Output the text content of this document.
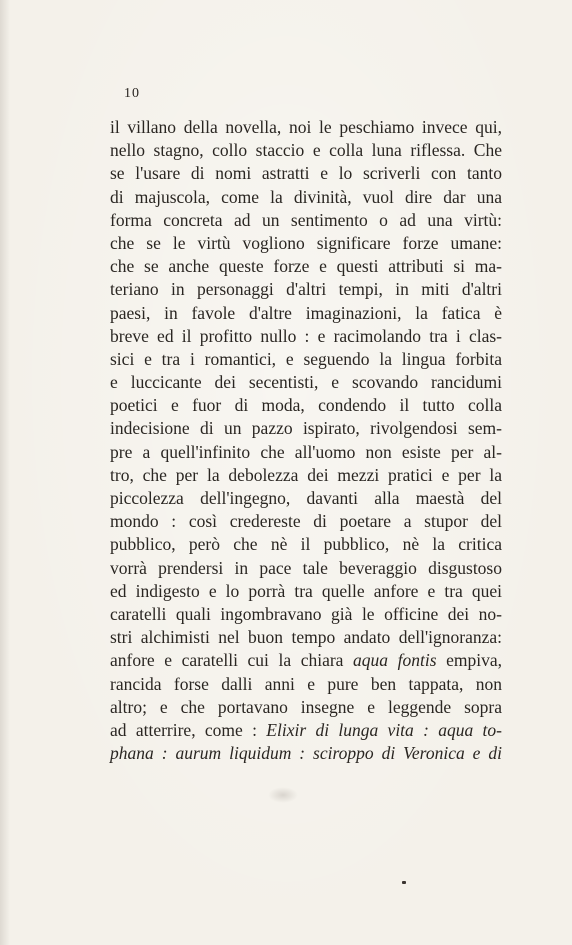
10
il villano della novella, noi le peschiamo invece qui,
nello stagno, collo staccio e colla luna riflessa. Che
se l'usare di nomi astratti e lo scriverli con tanto
di majuscola, come la divinità, vuol dire dar una
forma concreta ad un sentimento o ad una virtù:
che se le virtù vogliono significare forze umane:
che se anche queste forze e questi attributi si ma-
teriano in personaggi d'altri tempi, in miti d'altri
paesi, in favole d'altre imaginazioni, la fatica è
breve ed il profitto nullo : e racimolando tra i clas-
sici e tra i romantici, e seguendo la lingua forbita
e luccicante dei secentisti, e scovando rancidumi
poetici e fuor di moda, condendo il tutto colla
indecisione di un pazzo ispirato, rivolgendosi sem-
pre a quell'infinito che all'uomo non esiste per al-
tro, che per la debolezza dei mezzi pratici e per la
piccolezza dell'ingegno, davanti alla maestà del
mondo : così credereste di poetare a stupor del
pubblico, però che nè il pubblico, nè la critica
vorrà prendersi in pace tale beveraggio disgustoso
ed indigesto e lo porrà tra quelle anfore e tra quei
caratelli quali ingombravano già le officine dei no-
stri alchimisti nel buon tempo andato dell'ignoranza:
anfore e caratelli cui la chiara aqua fontis empiva,
rancida forse dalli anni e pure ben tappata, non
altro; e che portavano insegne e leggende sopra
ad atterrire, come : Elixir di lunga vita : aqua to-
phana : aurum liquidum : sciroppo di Veronica e di
